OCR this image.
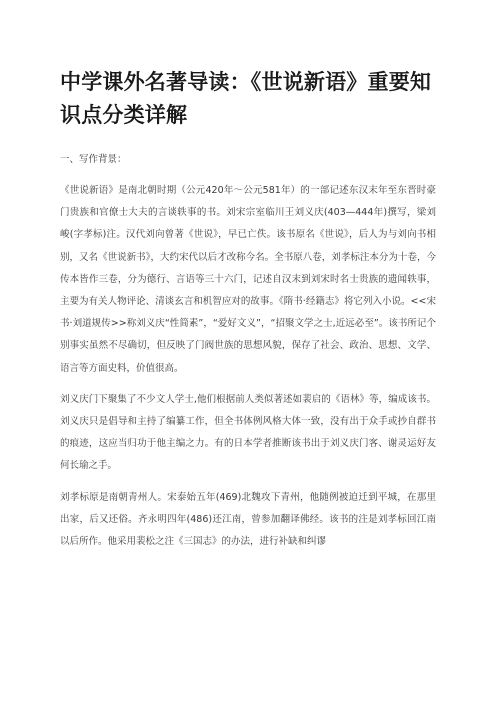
中学课外名著导读：《世说新语》重要知识点分类详解

一、写作背景：

《世说新语》是南北朝时期（公元420年～公元581年）的一部记述东汉末年至东晋时豪门贵族和官僚士大夫的言谈轶事的书。刘宋宗室临川王刘义庆(403—444年)撰写，梁刘峻(字孝标)注。汉代刘向曾著《世说》，早已亡佚。该书原名《世说》，后人为与刘向书相别，又名《世说新书》，大约宋代以后才改称今名。全书原八卷，刘孝标注本分为十卷，今传本皆作三卷，分为德行、言语等三十六门，记述自汉末到刘宋时名士贵族的遗闻轶事，主要为有关人物评论、清谈玄言和机智应对的故事。《隋书·经籍志》将它列入小说。<<宋书·刘道规传>>称刘义庆“性简素”，“爱好文义”，“招聚文学之士,近远必至”。该书所记个别事实虽然不尽确切，但反映了门阀世族的思想风貌，保存了社会、政治、思想、文学、语言等方面史料，价值很高。

刘义庆门下聚集了不少文人学士,他们根据前人类似著述如裴启的《语林》等，编成该书。刘义庆只是倡导和主持了编纂工作，但全书体例风格大体一致，没有出于众手或抄自群书的痕迹，这应当归功于他主编之力。有的日本学者推断该书出于刘义庆门客、谢灵运好友何长瑜之手。

刘孝标原是南朝青州人。宋泰始五年(469)北魏攻下青州，他随例被迫迁到平城，在那里出家，后又还俗。齐永明四年(486)还江南，曾参加翻译佛经。该书的注是刘孝标回江南以后所作。他采用裴松之注《三国志》的办法，进行补缺和纠谬
